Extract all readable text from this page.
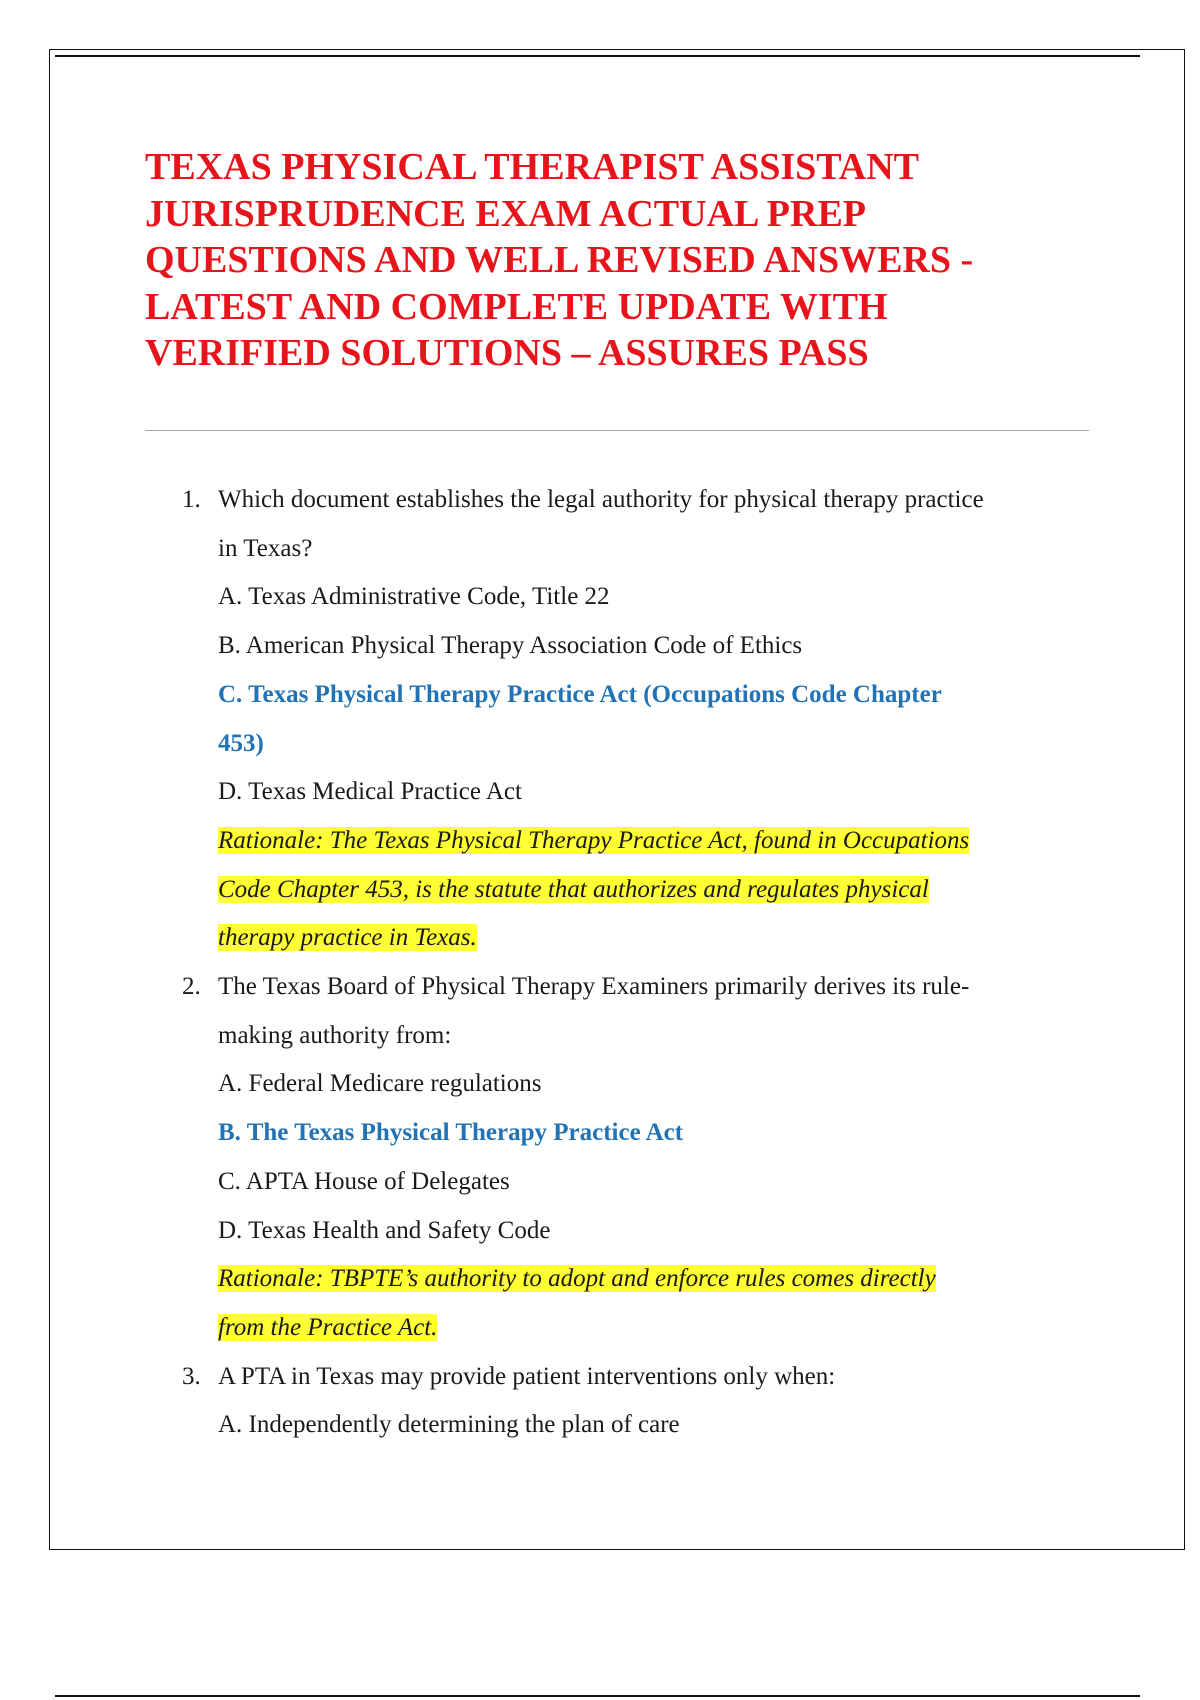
TEXAS PHYSICAL THERAPIST ASSISTANT
JURISPRUDENCE EXAM ACTUAL PREP
QUESTIONS AND WELL REVISED ANSWERS -
LATEST AND COMPLETE UPDATE WITH
VERIFIED SOLUTIONS – ASSURES PASS
1. Which document establishes the legal authority for physical therapy practice
in Texas?
A. Texas Administrative Code, Title 22
B. American Physical Therapy Association Code of Ethics
C. Texas Physical Therapy Practice Act (Occupations Code Chapter
453)
D. Texas Medical Practice Act
Rationale: The Texas Physical Therapy Practice Act, found in Occupations
Code Chapter 453, is the statute that authorizes and regulates physical
therapy practice in Texas.
2. The Texas Board of Physical Therapy Examiners primarily derives its rule-
making authority from:
A. Federal Medicare regulations
B. The Texas Physical Therapy Practice Act
C. APTA House of Delegates
D. Texas Health and Safety Code
Rationale: TBPTE’s authority to adopt and enforce rules comes directly
from the Practice Act.
3. A PTA in Texas may provide patient interventions only when:
A. Independently determining the plan of care
